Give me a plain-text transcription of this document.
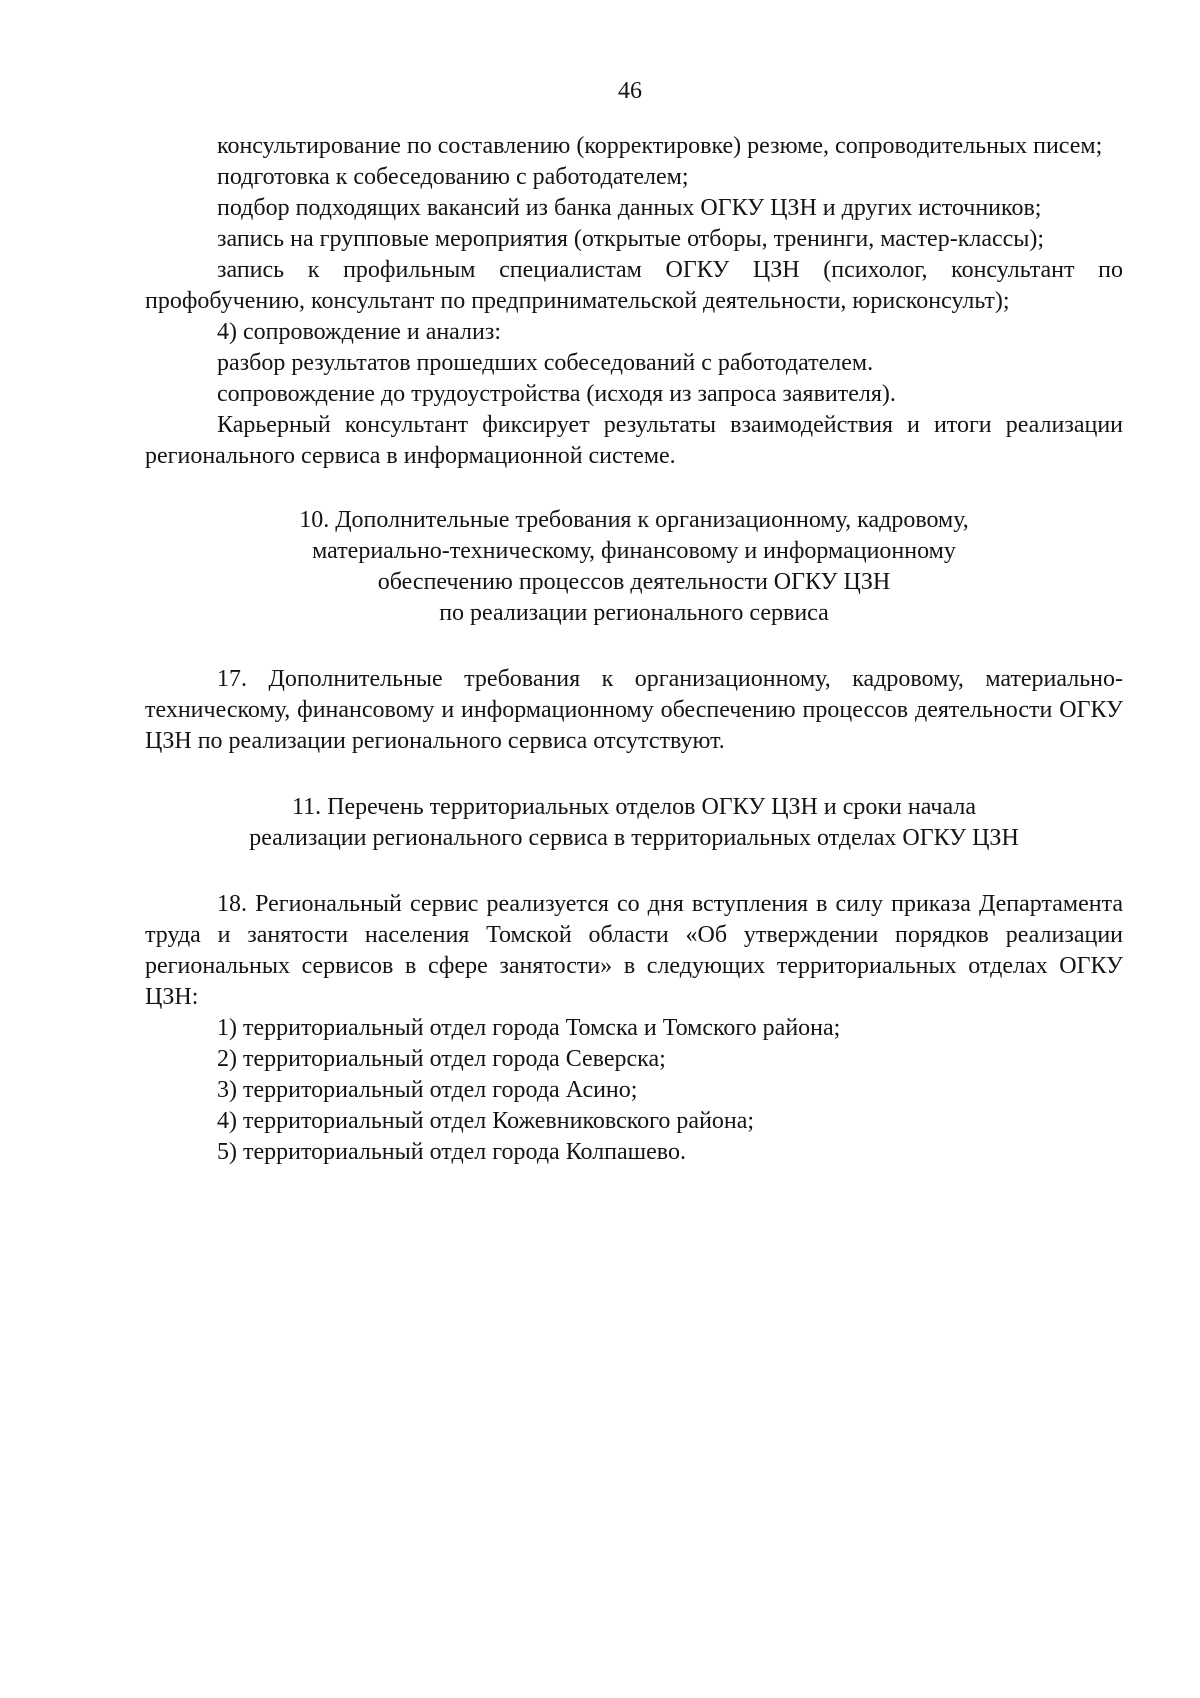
46

консультирование по составлению (корректировке) резюме, сопроводительных писем;

подготовка к собеседованию с работодателем;

подбор подходящих вакансий из банка данных ОГКУ ЦЗН и других источников;

запись на групповые мероприятия (открытые отборы, тренинги, мастер-классы);

запись к профильным специалистам ОГКУ ЦЗН (психолог, консультант по профобучению, консультант по предпринимательской деятельности, юрисконсульт);

4) сопровождение и анализ:

разбор результатов прошедших собеседований с работодателем.

сопровождение до трудоустройства (исходя из запроса заявителя).

Карьерный консультант фиксирует результаты взаимодействия и итоги реализации регионального сервиса в информационной системе.

10. Дополнительные требования к организационному, кадровому,
материально-техническому, финансовому и информационному
обеспечению процессов деятельности ОГКУ ЦЗН
по реализации регионального сервиса

17. Дополнительные требования к организационному, кадровому, материально-техническому, финансовому и информационному обеспечению процессов деятельности ОГКУ ЦЗН по реализации регионального сервиса отсутствуют.

11. Перечень территориальных отделов ОГКУ ЦЗН и сроки начала
реализации регионального сервиса в территориальных отделах ОГКУ ЦЗН

18. Региональный сервис реализуется со дня вступления в силу приказа Департамента труда и занятости населения Томской области «Об утверждении порядков реализации региональных сервисов в сфере занятости» в следующих территориальных отделах ОГКУ ЦЗН:

1) территориальный отдел города Томска и Томского района;

2) территориальный отдел города Северска;

3) территориальный отдел города Асино;

4) территориальный отдел Кожевниковского района;

5) территориальный отдел города Колпашево.
